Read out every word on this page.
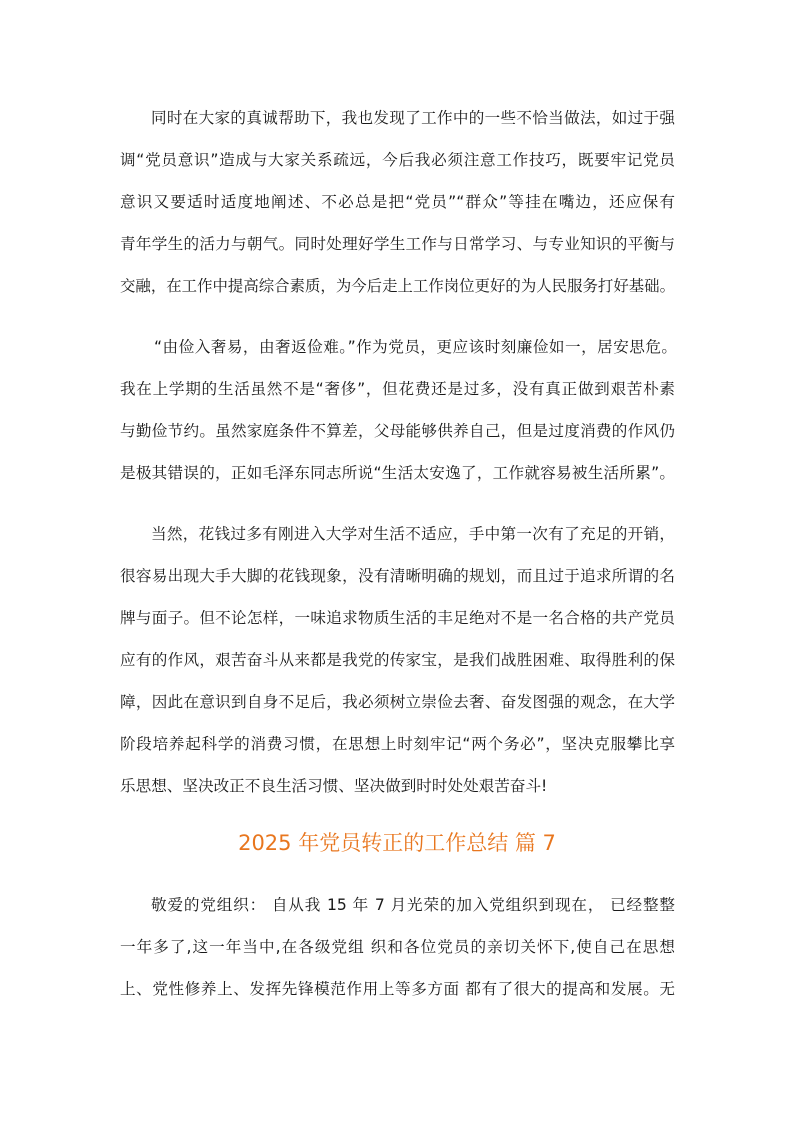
同时在大家的真诚帮助下，我也发现了工作中的一些不恰当做法，如过于强
调“党员意识”造成与大家关系疏远，今后我必须注意工作技巧，既要牢记党员
意识又要适时适度地阐述、不必总是把“党员”“群众”等挂在嘴边，还应保有
青年学生的活力与朝气。同时处理好学生工作与日常学习、与专业知识的平衡与
交融，在工作中提高综合素质，为今后走上工作岗位更好的为人民服务打好基础。
“由俭入奢易，由奢返俭难。”作为党员，更应该时刻廉俭如一，居安思危。
我在上学期的生活虽然不是“奢侈”，但花费还是过多，没有真正做到艰苦朴素
与勤俭节约。虽然家庭条件不算差，父母能够供养自己，但是过度消费的作风仍
是极其错误的，正如毛泽东同志所说“生活太安逸了，工作就容易被生活所累”。
当然，花钱过多有刚进入大学对生活不适应，手中第一次有了充足的开销，
很容易出现大手大脚的花钱现象，没有清晰明确的规划，而且过于追求所谓的名
牌与面子。但不论怎样，一味追求物质生活的丰足绝对不是一名合格的共产党员
应有的作风，艰苦奋斗从来都是我党的传家宝，是我们战胜困难、取得胜利的保
障，因此在意识到自身不足后，我必须树立崇俭去奢、奋发图强的观念，在大学
阶段培养起科学的消费习惯，在思想上时刻牢记“两个务必”，坚决克服攀比享
乐思想、坚决改正不良生活习惯、坚决做到时时处处艰苦奋斗!
2025 年党员转正的工作总结 篇 7
敬爱的党组织： 自从我 15 年 7 月光荣的加入党组织到现在， 已经整整
一年多了,这一年当中,在各级党组 织和各位党员的亲切关怀下,使自己在思想
上、党性修养上、发挥先锋模范作用上等多方面 都有了很大的提高和发展。无
